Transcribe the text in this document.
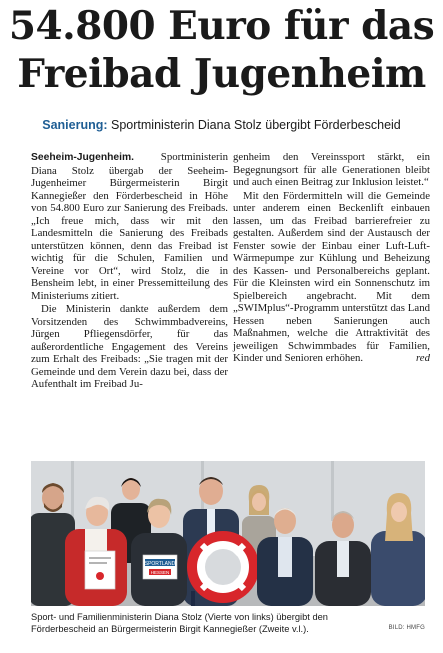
54.800 Euro für das
Freibad Jugenheim
Sanierung: Sportministerin Diana Stolz übergibt Förderbescheid

Seeheim-Jugenheim. Sportministerin Diana Stolz übergab der Seeheim-Jugenheimer Bürgermeisterin Birgit Kannegießer den Förderbescheid in Höhe von 54.800 Euro zur Sanierung des Freibads. „Ich freue mich, dass wir mit den Landesmitteln die Sanierung des Freibads unterstützen können, denn das Freibad ist wichtig für die Schulen, Familien und Vereine vor Ort“, wird Stolz, die in Bensheim lebt, in einer Pressemitteilung des Ministeriums zitiert.

Die Ministerin dankte außerdem dem Vorsitzenden des Schwimmbadvereins, Jürgen Pfliegensdörfer, für das außerordentliche Engagement des Vereins zum Erhalt des Freibads: „Sie tragen mit der Gemeinde und dem Verein dazu bei, dass der Aufenthalt im Freibad Ju-

genheim den Vereinssport stärkt, ein Begegnungsort für alle Generationen bleibt und auch einen Beitrag zur Inklusion leistet.“

Mit den Fördermitteln will die Gemeinde unter anderem einen Beckenlift einbauen lassen, um das Freibad barrierefreier zu gestalten. Außerdem sind der Austausch der Fenster sowie der Einbau einer Luft-Luft-Wärmepumpe zur Kühlung und Beheizung des Kassen- und Personalbereichs geplant. Für die Kleinsten wird ein Sonnenschutz im Spielbereich angebracht. Mit dem „SWIMplus“-Programm unterstützt das Land Hessen neben Sanierungen auch Maßnahmen, welche die Attraktivität des jeweiligen Schwimmbades für Familien, Kinder und Senioren erhöhen.	red

SPORTLAND
HESSEN
Sport- und Familienministerin Diana Stolz (Vierte von links) übergibt den
Förderbescheid an Bürgermeisterin Birgit Kannegießer (Zweite v.l.).	BILD: HMFG
